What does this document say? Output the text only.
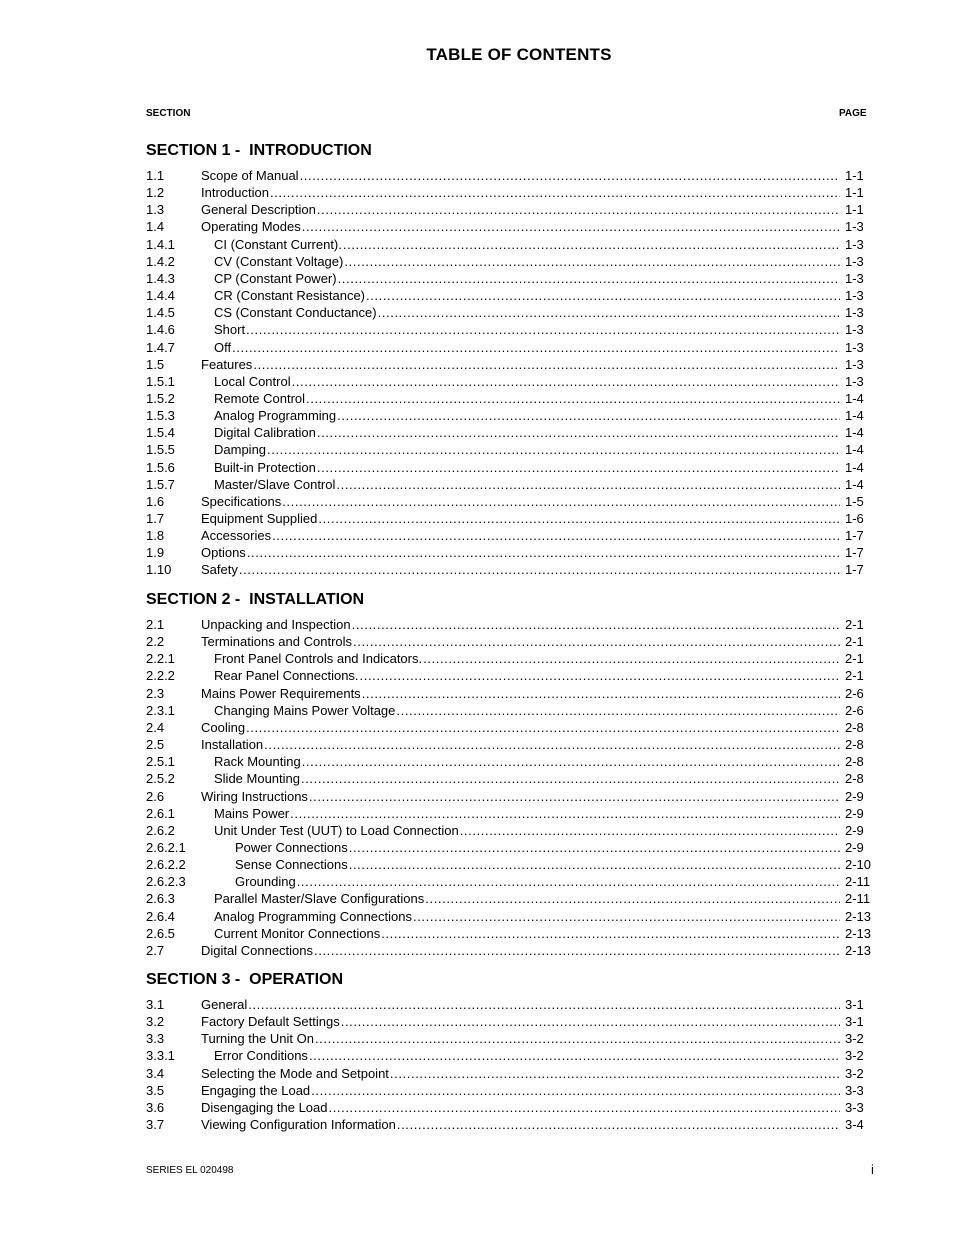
TABLE OF CONTENTS
SECTION	PAGE
SECTION 1 -  INTRODUCTION
1.1	Scope of Manual .....	1-1
1.2	Introduction .....	1-1
1.3	General Description .....	1-1
1.4	Operating Modes .....	1-3
1.4.1	CI (Constant Current). .....	1-3
1.4.2	CV (Constant Voltage) .....	1-3
1.4.3	CP (Constant Power) .....	1-3
1.4.4	CR (Constant Resistance) .....	1-3
1.4.5	CS (Constant Conductance) .....	1-3
1.4.6	Short .....	1-3
1.4.7	Off .....	1-3
1.5	Features .....	1-3
1.5.1	Local Control .....	1-3
1.5.2	Remote Control .....	1-4
1.5.3	Analog Programming .....	1-4
1.5.4	Digital Calibration .....	1-4
1.5.5	Damping .....	1-4
1.5.6	Built-in Protection .....	1-4
1.5.7	Master/Slave Control .....	1-4
1.6	Specifications .....	1-5
1.7	Equipment Supplied .....	1-6
1.8	Accessories .....	1-7
1.9	Options .....	1-7
1.10 Safety .....	1-7
SECTION 2 -  INSTALLATION
2.1	Unpacking and Inspection .....	2-1
2.2	Terminations and Controls .....	2-1
2.2.1	Front Panel Controls and Indicators. .....	2-1
2.2.2	Rear Panel Connections. .....	2-1
2.3	Mains Power Requirements .....	2-6
2.3.1	Changing Mains Power Voltage .....	2-6
2.4	Cooling .....	2-8
2.5	Installation .....	2-8
2.5.1	Rack Mounting .....	2-8
2.5.2	Slide Mounting .....	2-8
2.6	Wiring Instructions .....	2-9
2.6.1	Mains Power .....	2-9
2.6.2	Unit Under Test (UUT) to Load Connection .....	2-9
2.6.2.1	Power Connections .....	2-9
2.6.2.2	Sense Connections .....	2-10
2.6.2.3	Grounding .....	2-11
2.6.3	Parallel Master/Slave Configurations .....	2-11
2.6.4	Analog Programming Connections .....	2-13
2.6.5	Current Monitor Connections .....	2-13
2.7	Digital Connections .....	2-13
SECTION 3 -  OPERATION
3.1	General .....	3-1
3.2	Factory Default Settings .....	3-1
3.3	Turning the Unit On .....	3-2
3.3.1	Error Conditions .....	3-2
3.4	Selecting the Mode and Setpoint .....	3-2
3.5	Engaging the Load .....	3-3
3.6	Disengaging the Load .....	3-3
3.7	Viewing Configuration Information .....	3-4
SERIES EL 020498	i
